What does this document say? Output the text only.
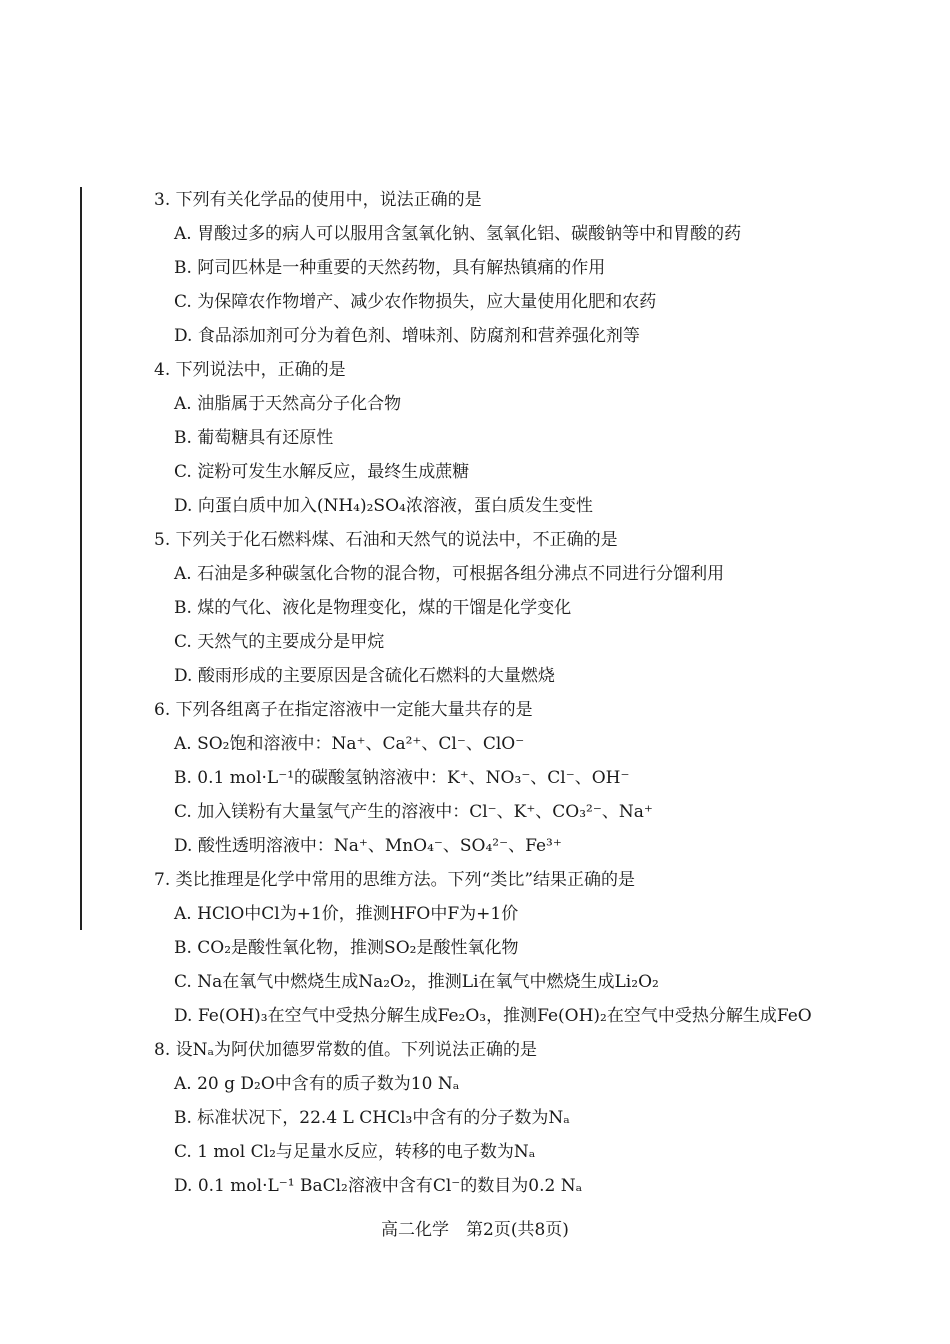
3. 下列有关化学品的使用中，说法正确的是
A. 胃酸过多的病人可以服用含氢氧化钠、氢氧化铝、碳酸钠等中和胃酸的药
B. 阿司匹林是一种重要的天然药物，具有解热镇痛的作用
C. 为保障农作物增产、减少农作物损失，应大量使用化肥和农药
D. 食品添加剂可分为着色剂、增味剂、防腐剂和营养强化剂等
4. 下列说法中，正确的是
A. 油脂属于天然高分子化合物
B. 葡萄糖具有还原性
C. 淀粉可发生水解反应，最终生成蔗糖
D. 向蛋白质中加入(NH₄)₂SO₄浓溶液，蛋白质发生变性
5. 下列关于化石燃料煤、石油和天然气的说法中，不正确的是
A. 石油是多种碳氢化合物的混合物，可根据各组分沸点不同进行分馏利用
B. 煤的气化、液化是物理变化，煤的干馏是化学变化
C. 天然气的主要成分是甲烷
D. 酸雨形成的主要原因是含硫化石燃料的大量燃烧
6. 下列各组离子在指定溶液中一定能大量共存的是
A. SO₂饱和溶液中：Na⁺、Ca²⁺、Cl⁻、ClO⁻
B. 0.1 mol·L⁻¹的碳酸氢钠溶液中：K⁺、NO₃⁻、Cl⁻、OH⁻
C. 加入镁粉有大量氢气产生的溶液中：Cl⁻、K⁺、CO₃²⁻、Na⁺
D. 酸性透明溶液中：Na⁺、MnO₄⁻、SO₄²⁻、Fe³⁺
7. 类比推理是化学中常用的思维方法。下列“类比”结果正确的是
A. HClO中Cl为+1价，推测HFO中F为+1价
B. CO₂是酸性氧化物，推测SO₂是酸性氧化物
C. Na在氧气中燃烧生成Na₂O₂，推测Li在氧气中燃烧生成Li₂O₂
D. Fe(OH)₃在空气中受热分解生成Fe₂O₃，推测Fe(OH)₂在空气中受热分解生成FeO
8. 设Nₐ为阿伏加德罗常数的值。下列说法正确的是
A. 20 g D₂O中含有的质子数为10 Nₐ
B. 标准状况下，22.4 L CHCl₃中含有的分子数为Nₐ
C. 1 mol Cl₂与足量水反应，转移的电子数为Nₐ
D. 0.1 mol·L⁻¹ BaCl₂溶液中含有Cl⁻的数目为0.2 Nₐ
高二化学　第2页(共8页)
